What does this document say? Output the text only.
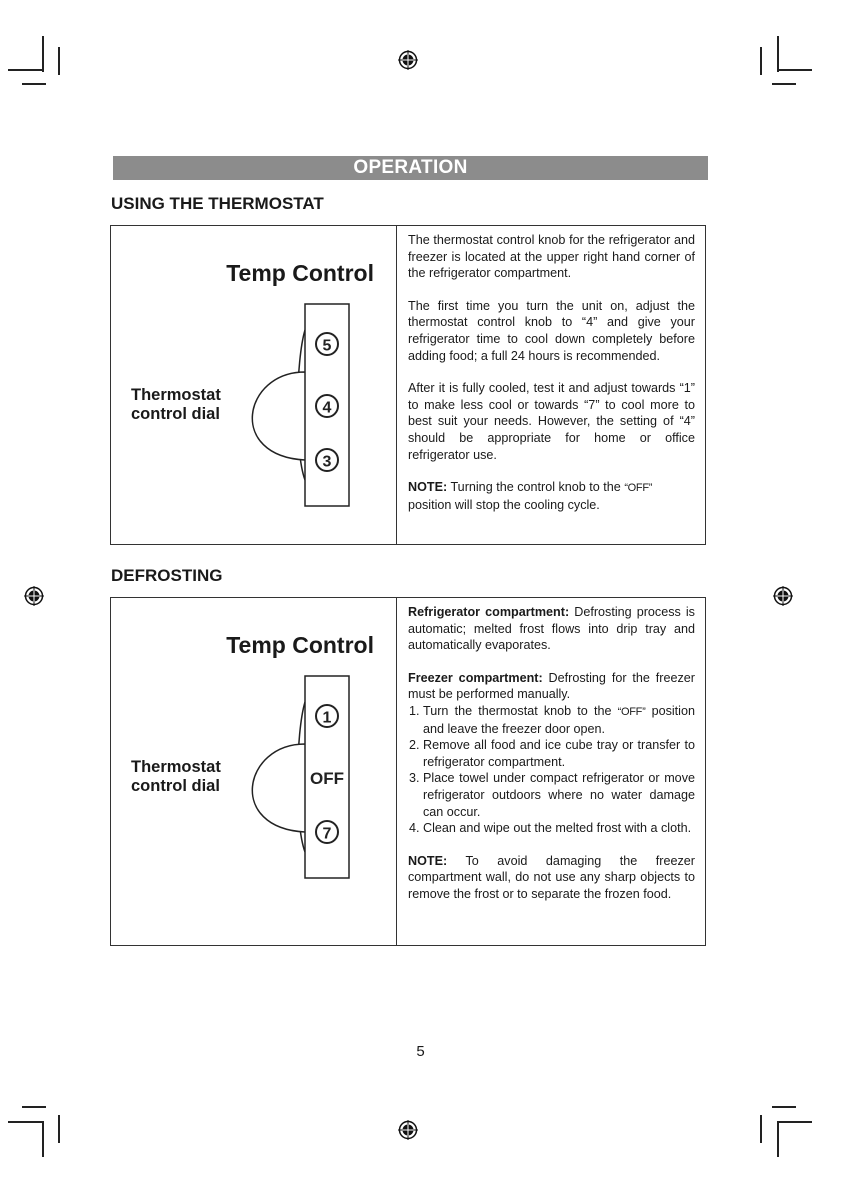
OPERATION
USING THE THERMOSTAT
Temp Control
Thermostat
control dial
5
4
3

The thermostat control knob for the refrigerator and freezer is located at the upper right hand corner of the refrigerator compartment.

The first time you turn the unit on, adjust the thermostat control knob to “4” and give your refrigerator time to cool down completely before adding food; a full 24 hours is recommended.

After it is fully cooled, test it and adjust towards “1” to make less cool or towards “7” to cool more to best suit your needs. However, the setting of “4” should be appropriate for home or office refrigerator use.

NOTE: Turning the control knob to the “OFF” position will stop the cooling cycle.

DEFROSTING
Temp Control
Thermostat
control dial
1
OFF
7

Refrigerator compartment: Defrosting process is automatic; melted frost flows into drip tray and automatically evaporates.

Freezer compartment: Defrosting for the freezer must be performed manually.

1. Turn the thermostat knob to the “OFF” position and leave the freezer door open.
2. Remove all food and ice cube tray or transfer to refrigerator compartment.
3. Place towel under compact refrigerator or move refrigerator outdoors where no water damage can occur.
4. Clean and wipe out the melted frost with a cloth.

NOTE: To avoid damaging the freezer compartment wall, do not use any sharp objects to remove the frost or to separate the frozen food.

5
